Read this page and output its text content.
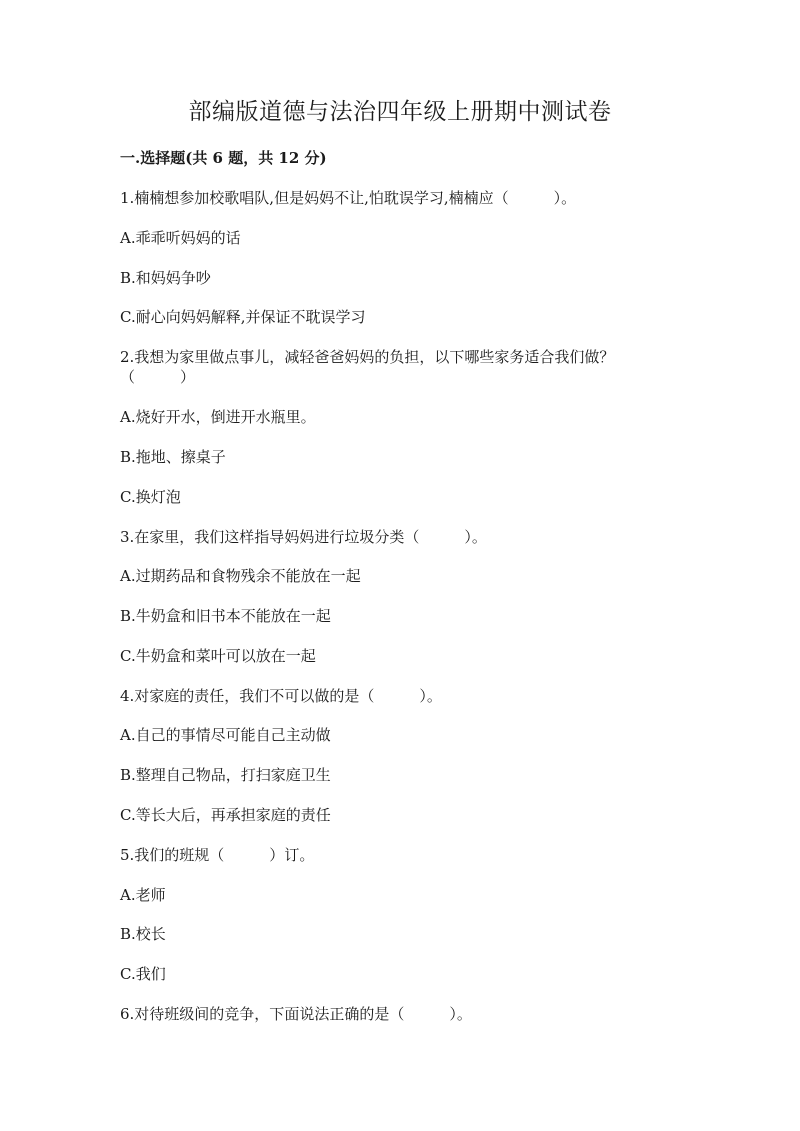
部编版道德与法治四年级上册期中测试卷
一.选择题(共 6 题，共 12 分)
1.楠楠想参加校歌唱队,但是妈妈不让,怕耽误学习,楠楠应（　　　）。
A.乖乖听妈妈的话
B.和妈妈争吵
C.耐心向妈妈解释,并保证不耽误学习
2.我想为家里做点事儿，减轻爸爸妈妈的负担，以下哪些家务适合我们做？
（　　　）
A.烧好开水，倒进开水瓶里。
B.拖地、擦桌子
C.换灯泡
3.在家里，我们这样指导妈妈进行垃圾分类（　　　）。
A.过期药品和食物残余不能放在一起
B.牛奶盒和旧书本不能放在一起
C.牛奶盒和菜叶可以放在一起
4.对家庭的责任，我们不可以做的是（　　　）。
A.自己的事情尽可能自己主动做
B.整理自己物品，打扫家庭卫生
C.等长大后，再承担家庭的责任
5.我们的班规（　　　）订。
A.老师
B.校长
C.我们
6.对待班级间的竞争，下面说法正确的是（　　　）。
